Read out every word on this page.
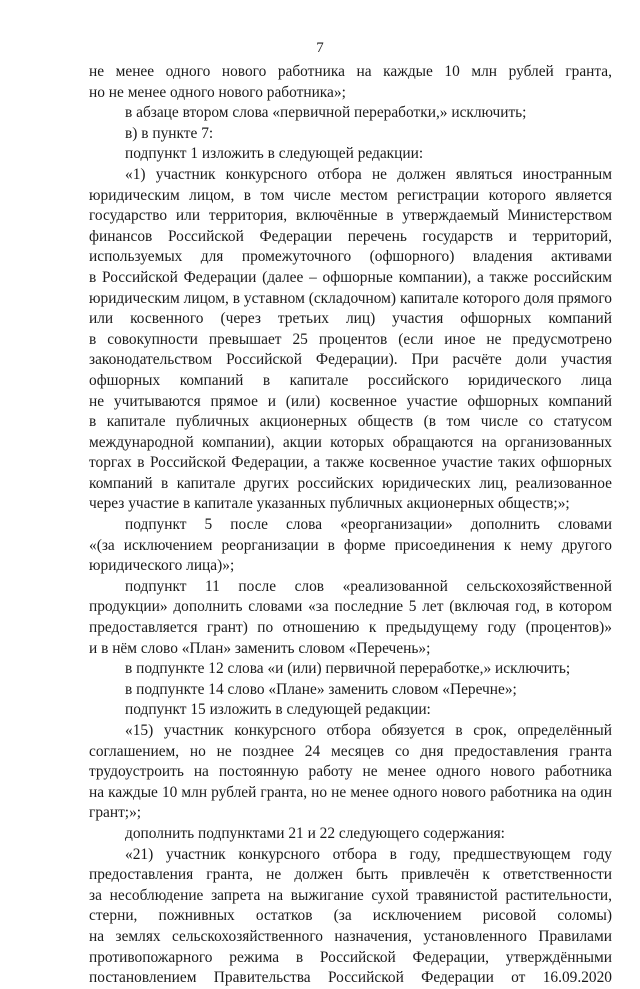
7
не менее одного нового работника на каждые 10 млн рублей гранта,
но не менее одного нового работника»;
в абзаце втором слова «первичной переработки,» исключить;
в) в пункте 7:
подпункт 1 изложить в следующей редакции:
«1) участник конкурсного отбора не должен являться иностранным
юридическим лицом, в том числе местом регистрации которого является
государство или территория, включённые в утверждаемый Министерством
финансов Российской Федерации перечень государств и территорий,
используемых для промежуточного (офшорного) владения активами
в Российской Федерации (далее – офшорные компании), а также российским
юридическим лицом, в уставном (складочном) капитале которого доля прямого
или косвенного (через третьих лиц) участия офшорных компаний
в совокупности превышает 25 процентов (если иное не предусмотрено
законодательством Российской Федерации). При расчёте доли участия
офшорных компаний в капитале российского юридического лица
не учитываются прямое и (или) косвенное участие офшорных компаний
в капитале публичных акционерных обществ (в том числе со статусом
международной компании), акции которых обращаются на организованных
торгах в Российской Федерации, а также косвенное участие таких офшорных
компаний в капитале других российских юридических лиц, реализованное
через участие в капитале указанных публичных акционерных обществ;»;
подпункт 5 после слова «реорганизации» дополнить словами
«(за исключением реорганизации в форме присоединения к нему другого
юридического лица)»;
подпункт 11 после слов «реализованной сельскохозяйственной
продукции» дополнить словами «за последние 5 лет (включая год, в котором
предоставляется грант) по отношению к предыдущему году (процентов)»
и в нём слово «План» заменить словом «Перечень»;
в подпункте 12 слова «и (или) первичной переработке,» исключить;
в подпункте 14 слово «Плане» заменить словом «Перечне»;
подпункт 15 изложить в следующей редакции:
«15) участник конкурсного отбора обязуется в срок, определённый
соглашением, но не позднее 24 месяцев со дня предоставления гранта
трудоустроить на постоянную работу не менее одного нового работника
на каждые 10 млн рублей гранта, но не менее одного нового работника на один
грант;»;
дополнить подпунктами 21 и 22 следующего содержания:
«21) участник конкурсного отбора в году, предшествующем году
предоставления гранта, не должен быть привлечён к ответственности
за несоблюдение запрета на выжигание сухой травянистой растительности,
стерни, пожнивных остатков (за исключением рисовой соломы)
на землях сельскохозяйственного назначения, установленного Правилами
противопожарного режима в Российской Федерации, утверждёнными
постановлением Правительства Российской Федерации от 16.09.2020
